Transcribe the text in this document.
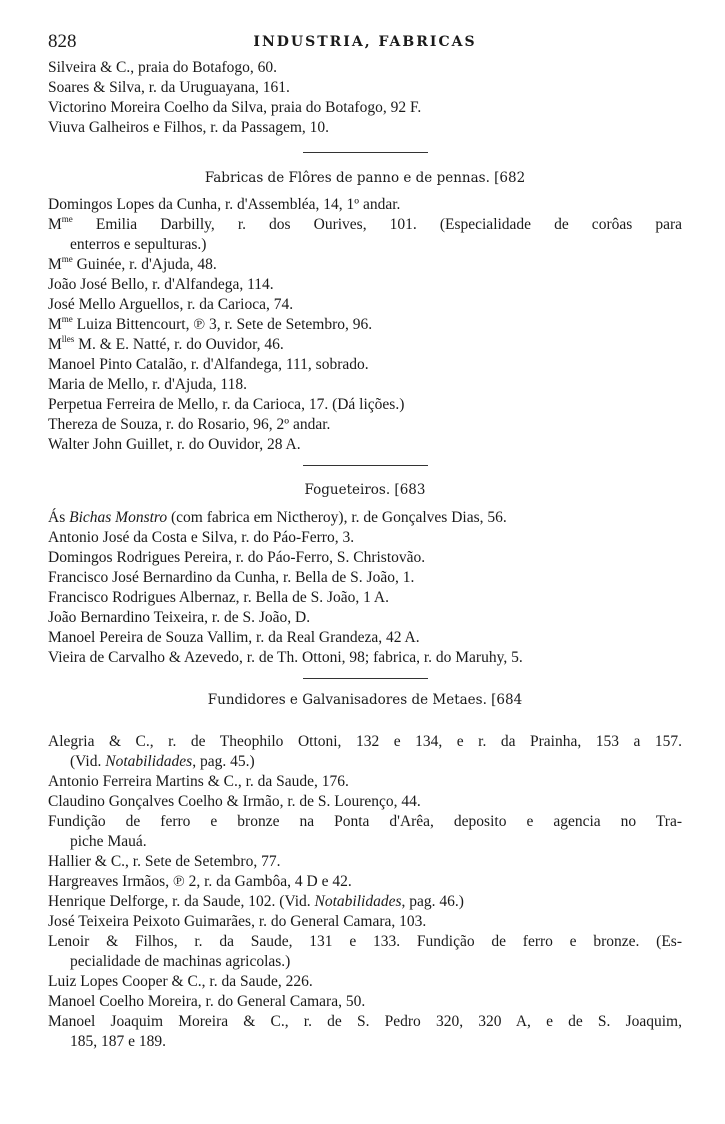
828	INDUSTRIA, FABRICAS
Silveira & C., praia do Botafogo, 60.
Soares & Silva, r. da Uruguayana, 161.
Victorino Moreira Coelho da Silva, praia do Botafogo, 92 F.
Viuva Galheiros e Filhos, r. da Passagem, 10.
Fabricas de Flôres de panno e de pennas. [682
Domingos Lopes da Cunha, r. d'Assembléa, 14, 1º andar.
$M^{me}$ Emilia Darbilly, r. dos Ourives, 101. (Especialidade de corôas para
enterros e sepulturas.)
$M^{me}$ Guinée, r. d'Ajuda, 48.
João José Bello, r. d'Alfandega, 114.
José Mello Arguellos, r. da Carioca, 74.
$M^{me}$ Luiza Bittencourt, ℗ 3, r. Sete de Setembro, 96.
$M^{lles}$ M. & E. Natté, r. do Ouvidor, 46.
Manoel Pinto Catalão, r. d'Alfandega, 111, sobrado.
Maria de Mello, r. d'Ajuda, 118.
Perpetua Ferreira de Mello, r. da Carioca, 17. (Dá lições.)
Thereza de Souza, r. do Rosario, 96, 2º andar.
Walter John Guillet, r. do Ouvidor, 28 A.
Fogueteiros. [683
Ás Bichas Monstro (com fabrica em Nictheroy), r. de Gonçalves Dias, 56.
Antonio José da Costa e Silva, r. do Páo-Ferro, 3.
Domingos Rodrigues Pereira, r. do Páo-Ferro, S. Christovão.
Francisco José Bernardino da Cunha, r. Bella de S. João, 1.
Francisco Rodrigues Albernaz, r. Bella de S. João, 1 A.
João Bernardino Teixeira, r. de S. João, D.
Manoel Pereira de Souza Vallim, r. da Real Grandeza, 42 A.
Vieira de Carvalho & Azevedo, r. de Th. Ottoni, 98; fabrica, r. do Maruhy, 5.
Fundidores e Galvanisadores de Metaes. [684
Alegria & C., r. de Theophilo Ottoni, 132 e 134, e r. da Prainha, 153 a 157.
(Vid. Notabilidades, pag. 45.)
Antonio Ferreira Martins & C., r. da Saude, 176.
Claudino Gonçalves Coelho & Irmão, r. de S. Lourenço, 44.
Fundição de ferro e bronze na Ponta d'Arêa, deposito e agencia no Tra-
piche Mauá.
Hallier & C., r. Sete de Setembro, 77.
Hargreaves Irmãos, ℗ 2, r. da Gambôa, 4 D e 42.
Henrique Delforge, r. da Saude, 102. (Vid. Notabilidades, pag. 46.)
José Teixeira Peixoto Guimarães, r. do General Camara, 103.
Lenoir & Filhos, r. da Saude, 131 e 133. Fundição de ferro e bronze. (Es-
pecialidade de machinas agricolas.)
Luiz Lopes Cooper & C., r. da Saude, 226.
Manoel Coelho Moreira, r. do General Camara, 50.
Manoel Joaquim Moreira & C., r. de S. Pedro 320, 320 A, e de S. Joaquim,
185, 187 e 189.
